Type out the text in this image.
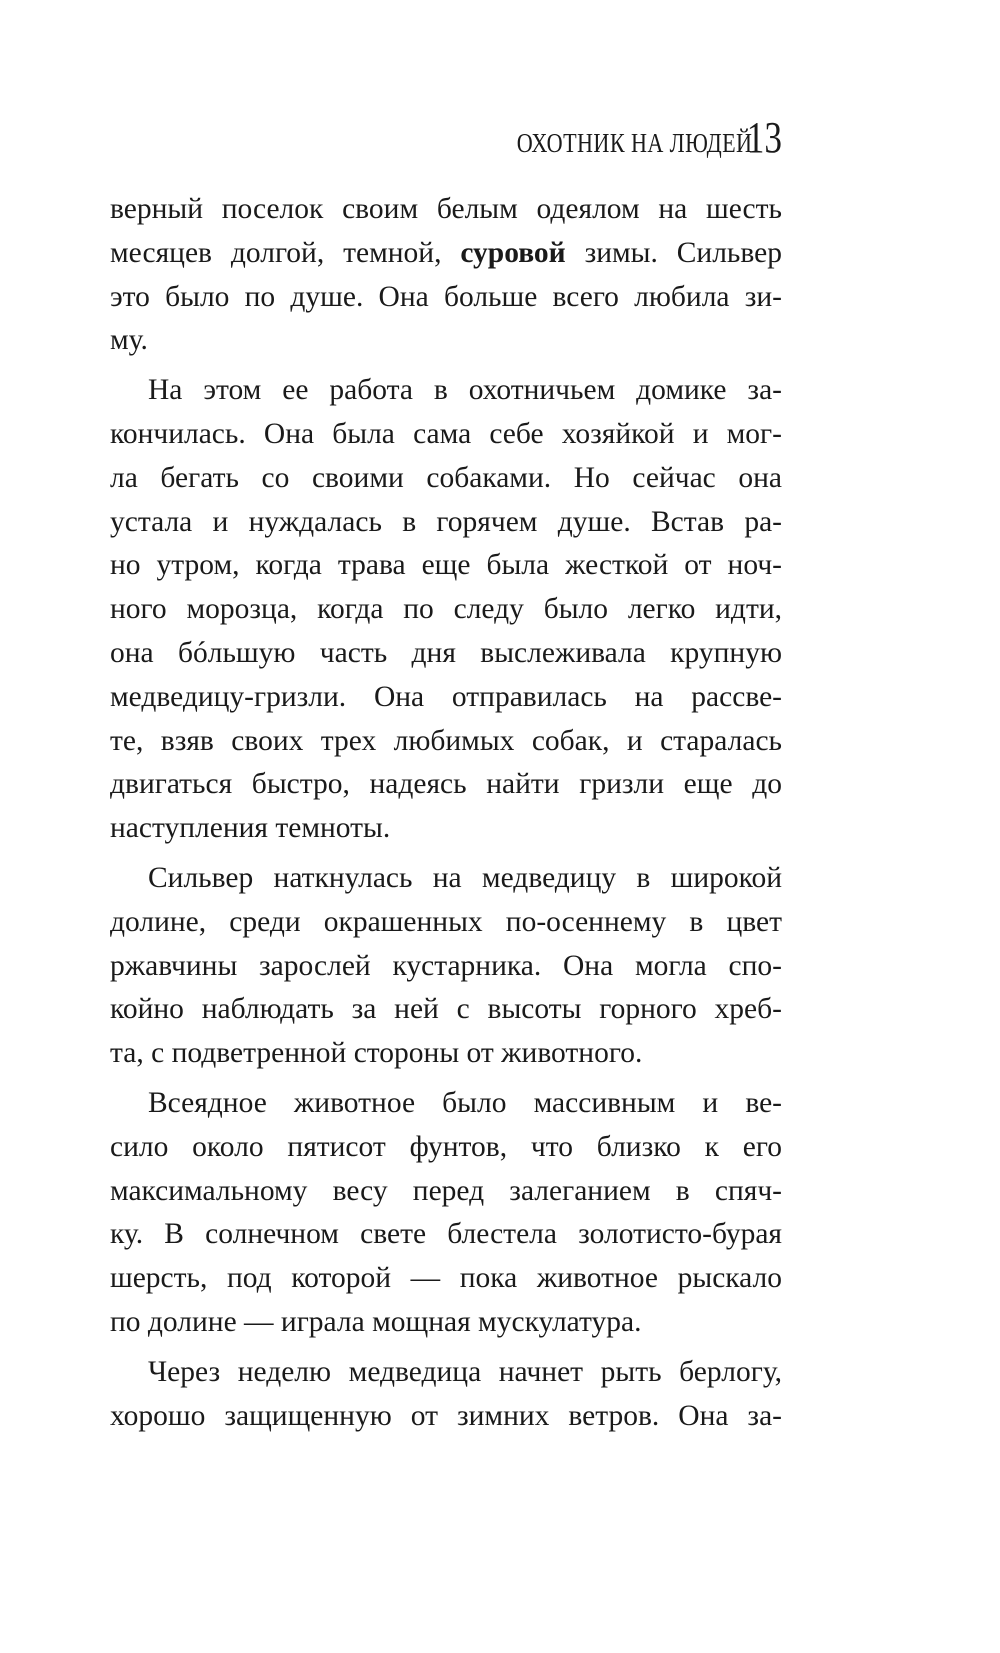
ОХОТНИК НА ЛЮДЕЙ
13

верный поселок своим белым одеялом на шесть
месяцев долгой, темной, суровой зимы. Сильвер
это было по душе. Она больше всего любила зи-
му.

На этом ее работа в охотничьем домике за-
кончилась. Она была сама себе хозяйкой и мог-
ла бегать со своими собаками. Но сейчас она
устала и нуждалась в горячем душе. Встав ра-
но утром, когда трава еще была жесткой от ноч-
ного морозца, когда по следу было легко идти,
она бóльшую часть дня выслеживала крупную
медведицу-гризли. Она отправилась на рассве-
те, взяв своих трех любимых собак, и старалась
двигаться быстро, надеясь найти гризли еще до
наступления темноты.

Сильвер наткнулась на медведицу в широкой
долине, среди окрашенных по-осеннему в цвет
ржавчины зарослей кустарника. Она могла спо-
койно наблюдать за ней с высоты горного хреб-
та, с подветренной стороны от животного.

Всеядное животное было массивным и ве-
сило около пятисот фунтов, что близко к его
максимальному весу перед залеганием в спяч-
ку. В солнечном свете блестела золотисто-бурая
шерсть, под которой — пока животное рыскало
по долине — играла мощная мускулатура.

Через неделю медведица начнет рыть берлогу,
хорошо защищенную от зимних ветров. Она за-
